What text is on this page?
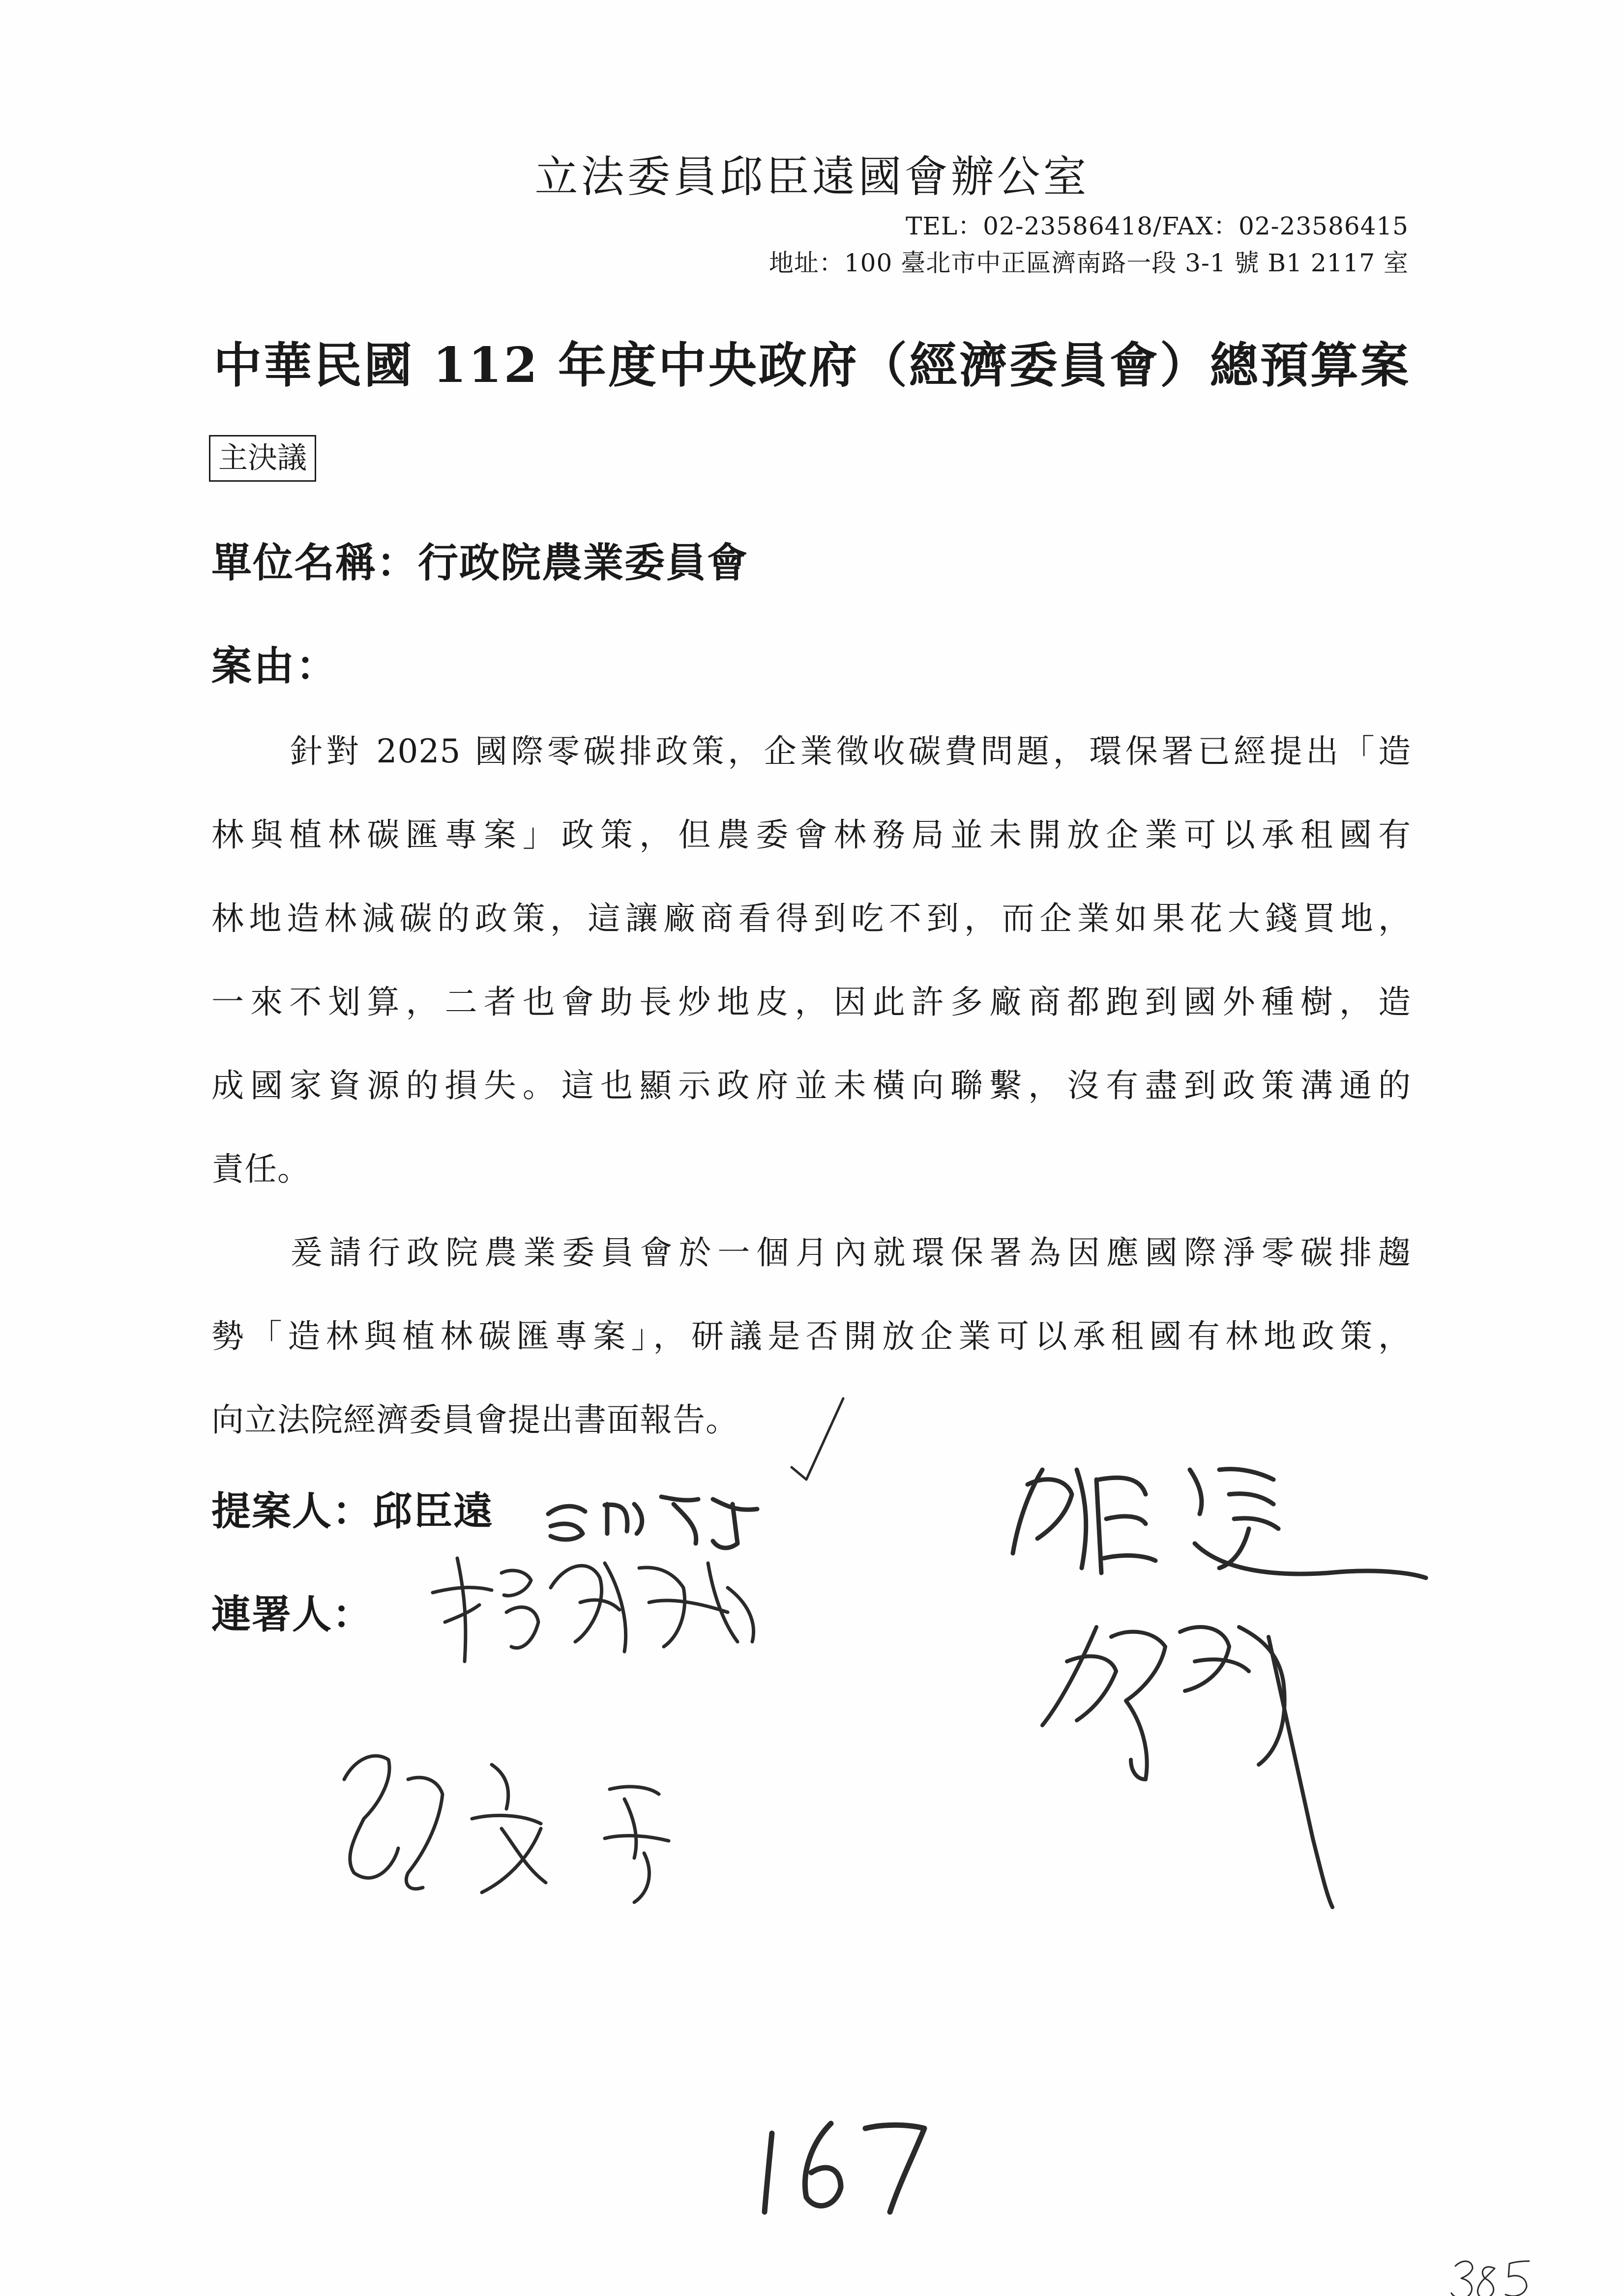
立法委員邱臣遠國會辦公室
TEL：02-23586418/FAX：02-23586415
地址：100 臺北市中正區濟南路一段 3-1 號 B1 2117 室
中華民國 112 年度中央政府（經濟委員會）總預算案
主決議
單位名稱：行政院農業委員會
案由：
針對 2025 國際零碳排政策，企業徵收碳費問題，環保署已經提出「造
林與植林碳匯專案」政策，但農委會林務局並未開放企業可以承租國有
林地造林減碳的政策，這讓廠商看得到吃不到，而企業如果花大錢買地，
一來不划算，二者也會助長炒地皮，因此許多廠商都跑到國外種樹，造
成國家資源的損失。這也顯示政府並未橫向聯繫，沒有盡到政策溝通的
責任。
爰請行政院農業委員會於一個月內就環保署為因應國際淨零碳排趨
勢「造林與植林碳匯專案」，研議是否開放企業可以承租國有林地政策，
向立法院經濟委員會提出書面報告。
提案人：邱臣遠
連署人：
